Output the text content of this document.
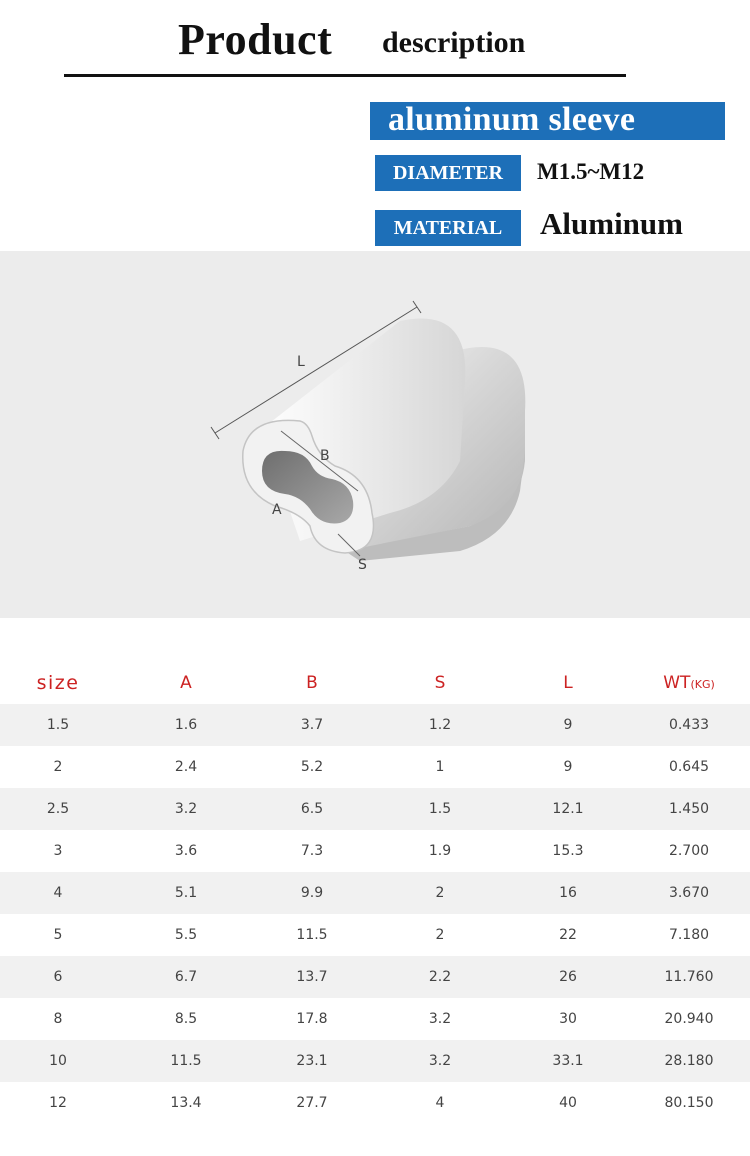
Product description
aluminum sleeve
DIAMETER	M1.5~M12
MATERIAL	Aluminum
L
B
A
S
size	A	B	S	L	WT(KG)
1.5	1.6	3.7	1.2	9	0.433
2	2.4	5.2	1	9	0.645
2.5	3.2	6.5	1.5	12.1	1.450
3	3.6	7.3	1.9	15.3	2.700
4	5.1	9.9	2	16	3.670
5	5.5	11.5	2	22	7.180
6	6.7	13.7	2.2	26	11.760
8	8.5	17.8	3.2	30	20.940
10	11.5	23.1	3.2	33.1	28.180
12	13.4	27.7	4	40	80.150
